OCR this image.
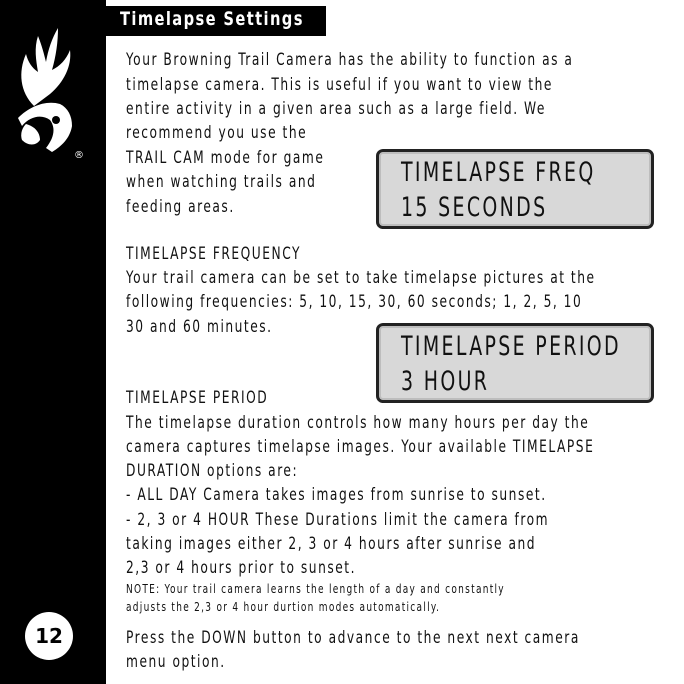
®
12
Timelapse Settings
Your Browning Trail Camera has the ability to function as a
timelapse camera. This is useful if you want to view the
entire activity in a given area such as a large field. We
recommend you use the
TRAIL CAM mode for game
when watching trails and
feeding areas.
TIMELAPSE FREQ
15 SECONDS
TIMELAPSE FREQUENCY
Your trail camera can be set to take timelapse pictures at the
following frequencies: 5, 10, 15, 30, 60 seconds; 1, 2, 5, 10
30 and 60 minutes.
TIMELAPSE PERIOD
3 HOUR
TIMELAPSE PERIOD
The timelapse duration controls how many hours per day the
camera captures timelapse images. Your available TIMELAPSE
DURATION options are:
- ALL DAY Camera takes images from sunrise to sunset.
- 2, 3 or 4 HOUR These Durations limit the camera from
taking images either 2, 3 or 4 hours after sunrise and
2,3 or 4 hours prior to sunset.
NOTE: Your trail camera learns the length of a day and constantly
adjusts the 2,3 or 4 hour durtion modes automatically.
Press the DOWN button to advance to the next next camera
menu option.
